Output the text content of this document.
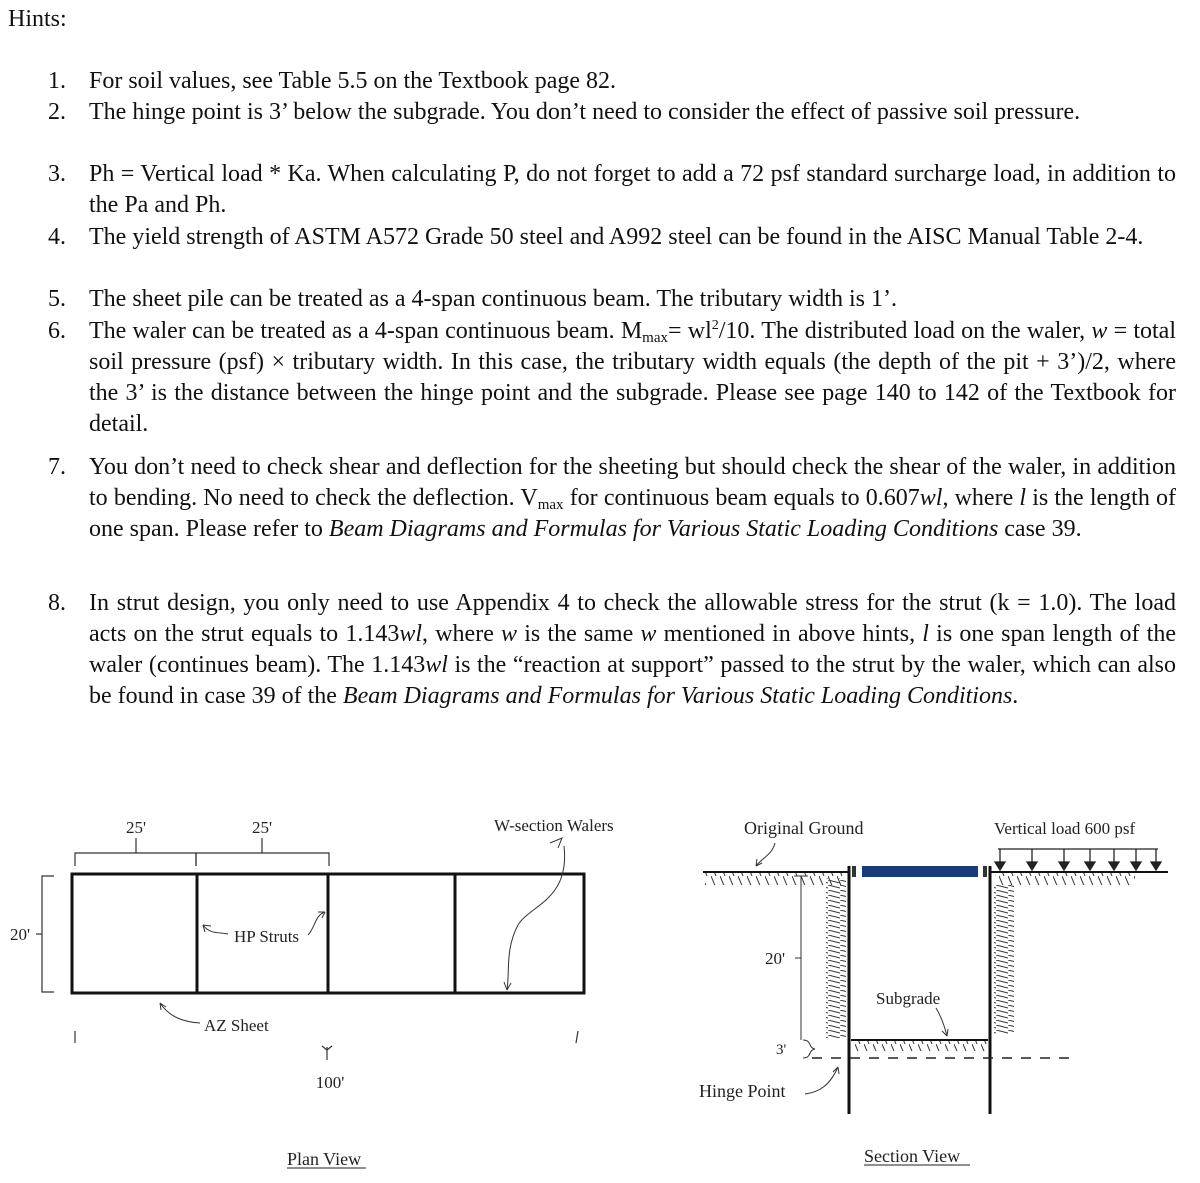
Hints:
1. For soil values, see Table 5.5 on the Textbook page 82.
2. The hinge point is 3’ below the subgrade. You don’t need to consider the effect of passive soil pressure.
3. Ph = Vertical load * Ka. When calculating P, do not forget to add a 72 psf standard surcharge load, in addition to the Pa and Ph.
4. The yield strength of ASTM A572 Grade 50 steel and A992 steel can be found in the AISC Manual Table 2-4.
5. The sheet pile can be treated as a 4-span continuous beam. The tributary width is 1’.
6. The waler can be treated as a 4-span continuous beam. $M_{max}= wl^2/10$. The distributed load on the waler, w = total soil pressure (psf) × tributary width. In this case, the tributary width equals (the depth of the pit + 3’)/2, where the 3’ is the distance between the hinge point and the subgrade. Please see page 140 to 142 of the Textbook for detail.
7. You don’t need to check shear and deflection for the sheeting but should check the shear of the waler, in addition to bending. No need to check the deflection. $V_{max}$ for continuous beam equals to 0.607wl, where l is the length of one span. Please refer to Beam Diagrams and Formulas for Various Static Loading Conditions case 39.
8. In strut design, you only need to use Appendix 4 to check the allowable stress for the strut (k = 1.0). The load acts on the strut equals to 1.143wl, where w is the same w mentioned in above hints, l is one span length of the waler (continues beam). The 1.143wl is the “reaction at support” passed to the strut by the waler, which can also be found in case 39 of the Beam Diagrams and Formulas for Various Static Loading Conditions.
25'	25'
20'
100'
W-section Walers
HP Struts
AZ Sheet
Plan View
Original Ground	Vertical load 600 psf
Subgrade
20'
3'
Hinge Point
Section View
